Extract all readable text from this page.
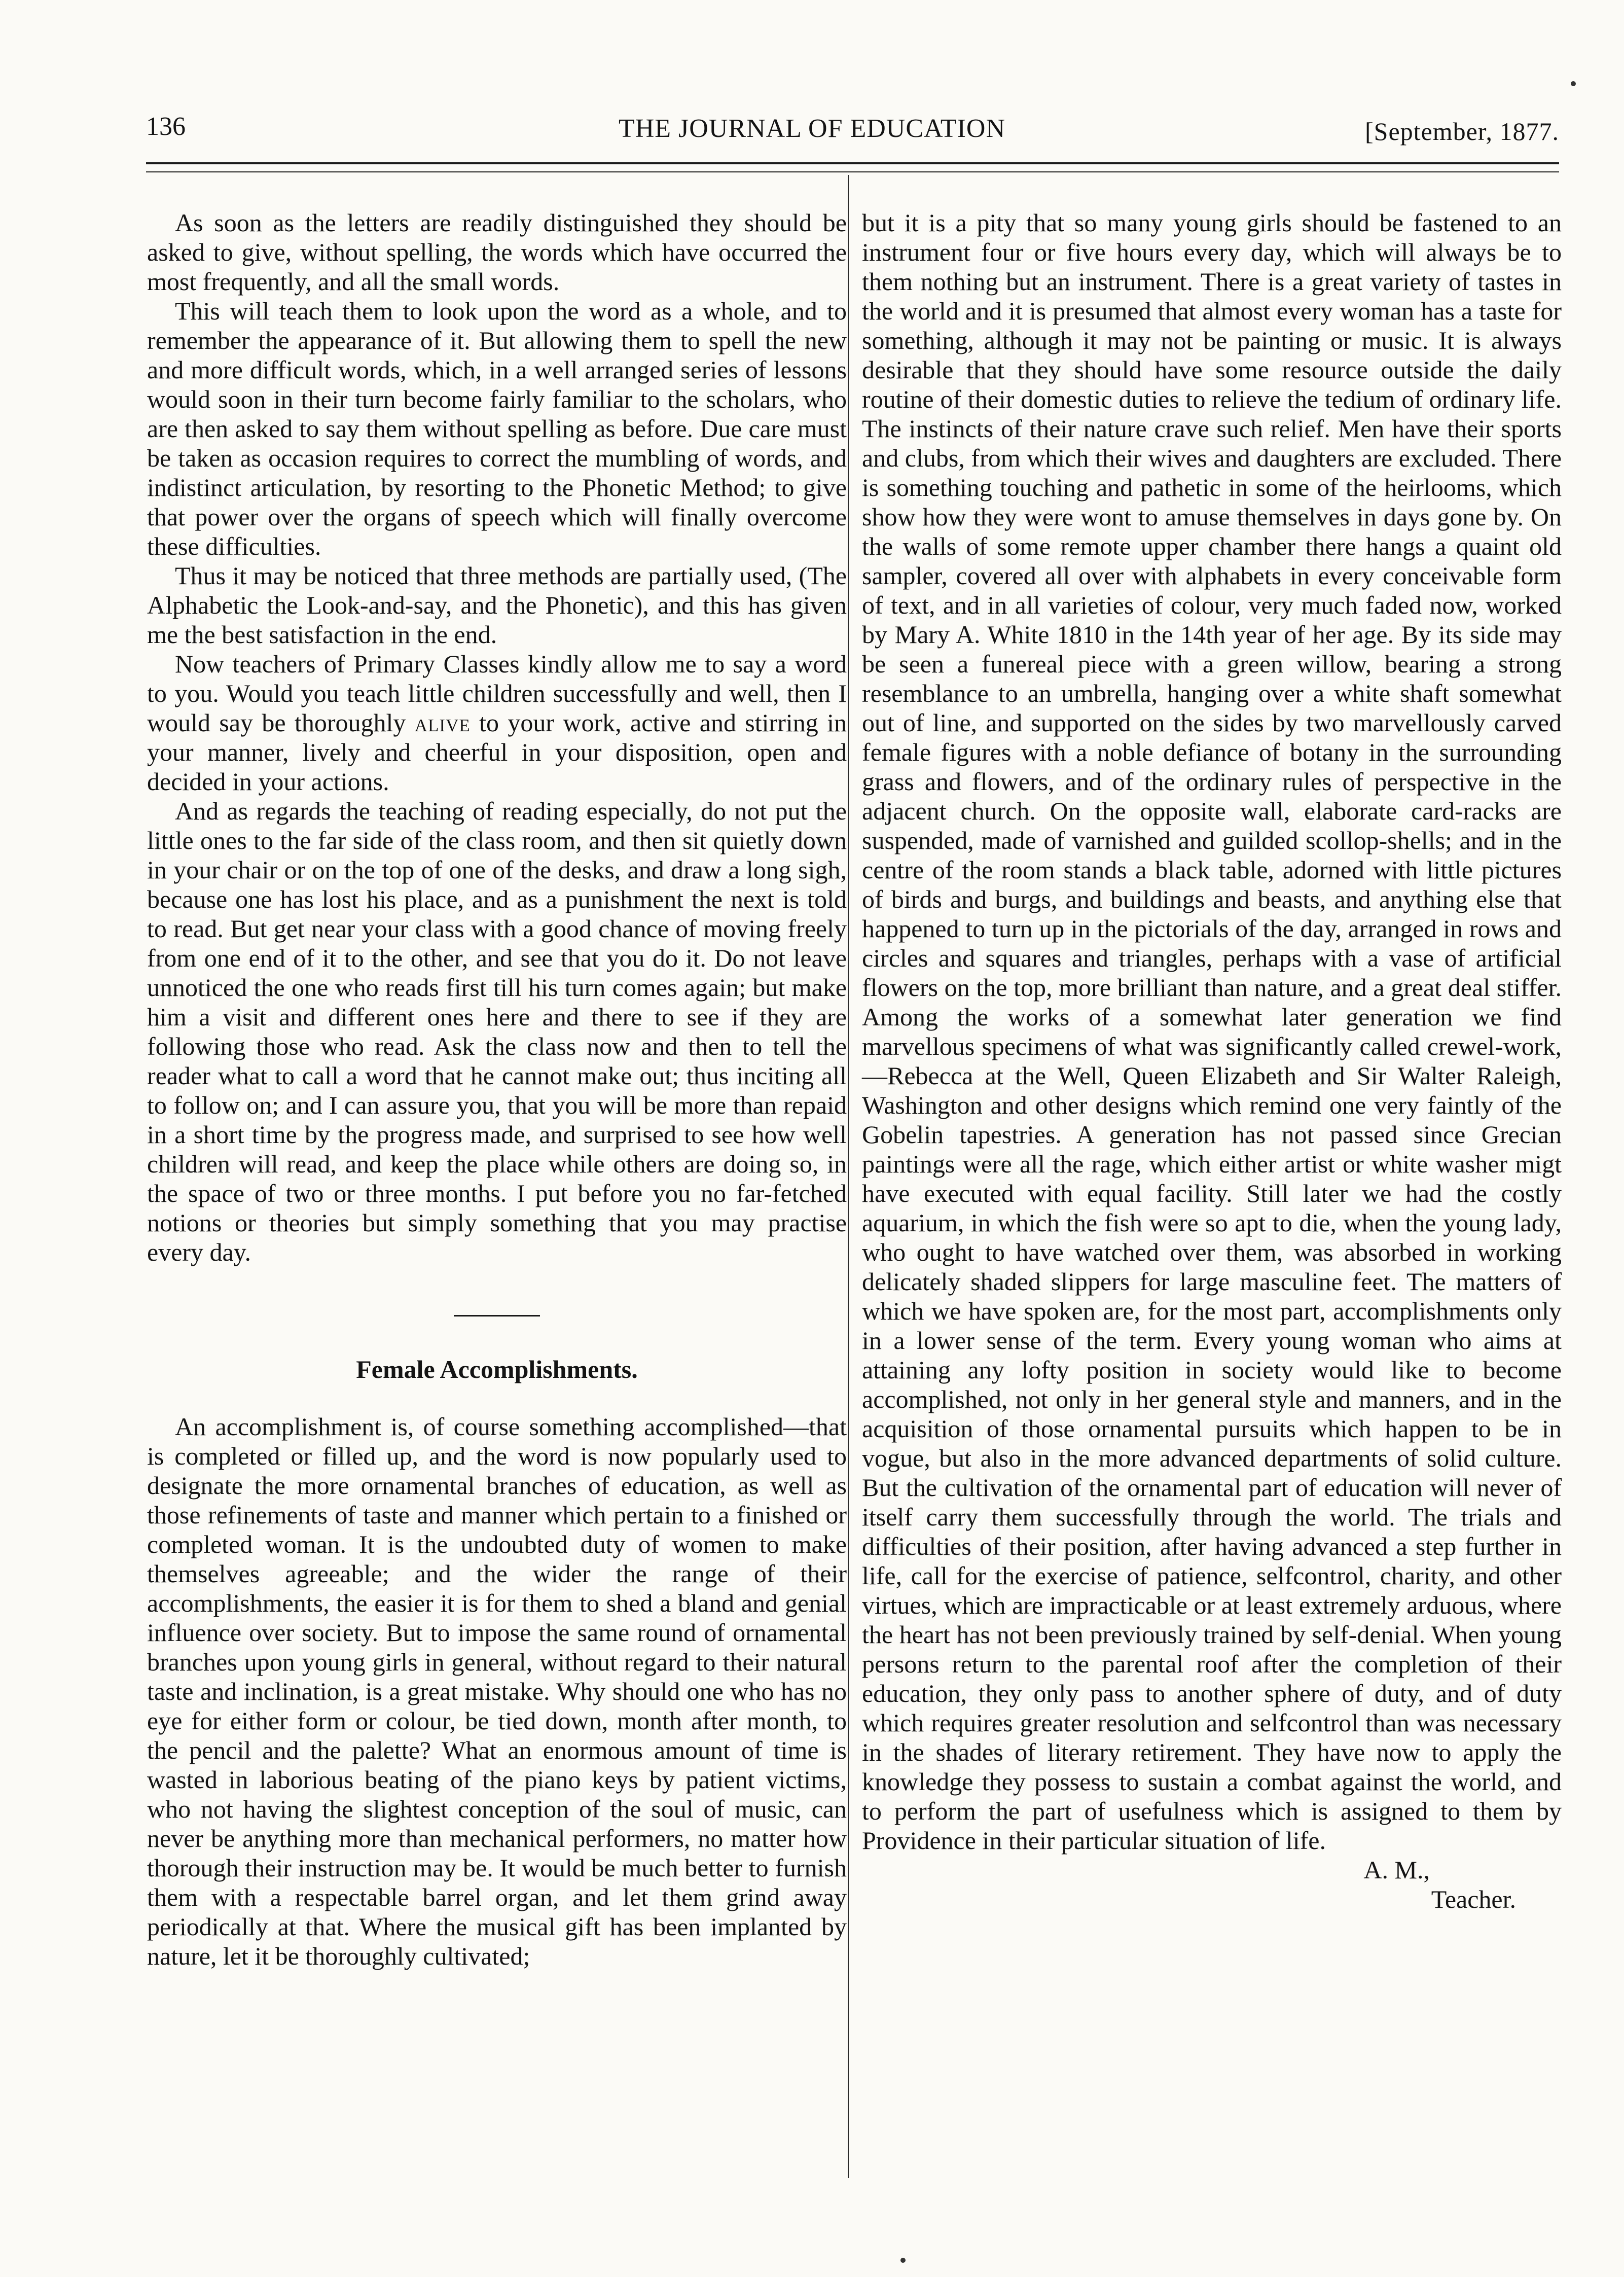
136	THE JOURNAL OF EDUCATION	[September, 1877.

As soon as the letters are readily distinguished they should be asked to give, without spelling, the words which have occurred the most frequently, and all the small words.

This will teach them to look upon the word as a whole, and to remember the appearance of it. But allowing them to spell the new and more difficult words, which, in a well arranged series of lessons would soon in their turn become fairly familiar to the scholars, who are then asked to say them without spelling as before. Due care must be taken as occasion requires to correct the mumbling of words, and indistinct articulation, by resorting to the Phonetic Method; to give that power over the organs of speech which will finally overcome these difficulties.

Thus it may be noticed that three methods are partially used, (The Alphabetic the Look-and-say, and the Phonetic), and this has given me the best satisfaction in the end.

Now teachers of Primary Classes kindly allow me to say a word to you. Would you teach little children successfully and well, then I would say be thoroughly alive to your work, active and stirring in your manner, lively and cheerful in your disposition, open and decided in your actions.

And as regards the teaching of reading especially, do not put the little ones to the far side of the class room, and then sit quietly down in your chair or on the top of one of the desks, and draw a long sigh, because one has lost his place, and as a punishment the next is told to read. But get near your class with a good chance of moving freely from one end of it to the other, and see that you do it. Do not leave unnoticed the one who reads first till his turn comes again; but make him a visit and different ones here and there to see if they are following those who read. Ask the class now and then to tell the reader what to call a word that he cannot make out; thus inciting all to follow on; and I can assure you, that you will be more than repaid in a short time by the progress made, and surprised to see how well children will read, and keep the place while others are doing so, in the space of two or three months. I put before you no far-fetched notions or theories but simply something that you may practise every day.

Female Accomplishments.

An accomplishment is, of course something accomplished—that is completed or filled up, and the word is now popularly used to designate the more ornamental branches of education, as well as those refinements of taste and manner which pertain to a finished or completed woman. It is the undoubted duty of women to make themselves agreeable; and the wider the range of their accomplishments, the easier it is for them to shed a bland and genial influence over society. But to impose the same round of ornamental branches upon young girls in general, without regard to their natural taste and inclination, is a great mistake. Why should one who has no eye for either form or colour, be tied down, month after month, to the pencil and the palette? What an enormous amount of time is wasted in laborious beating of the piano keys by patient victims, who not having the slightest conception of the soul of music, can never be anything more than mechanical performers, no matter how thorough their instruction may be. It would be much better to furnish them with a respectable barrel organ, and let them grind away periodically at that. Where the musical gift has been implanted by nature, let it be thoroughly cultivated;

but it is a pity that so many young girls should be fastened to an instrument four or five hours every day, which will always be to them nothing but an instrument. There is a great variety of tastes in the world and it is presumed that almost every woman has a taste for something, although it may not be painting or music. It is always desirable that they should have some resource outside the daily routine of their domestic duties to relieve the tedium of ordinary life. The instincts of their nature crave such relief. Men have their sports and clubs, from which their wives and daughters are excluded. There is something touching and pathetic in some of the heirlooms, which show how they were wont to amuse themselves in days gone by. On the walls of some remote upper chamber there hangs a quaint old sampler, covered all over with alphabets in every conceivable form of text, and in all varieties of colour, very much faded now, worked by Mary A. White 1810 in the 14th year of her age. By its side may be seen a funereal piece with a green willow, bearing a strong resemblance to an umbrella, hanging over a white shaft somewhat out of line, and supported on the sides by two marvellously carved female figures with a noble defiance of botany in the surrounding grass and flowers, and of the ordinary rules of perspective in the adjacent church. On the opposite wall, elaborate card-racks are suspended, made of varnished and guilded scollop-shells; and in the centre of the room stands a black table, adorned with little pictures of birds and burgs, and buildings and beasts, and anything else that happened to turn up in the pictorials of the day, arranged in rows and circles and squares and triangles, perhaps with a vase of artificial flowers on the top, more brilliant than nature, and a great deal stiffer. Among the works of a somewhat later generation we find marvellous specimens of what was significantly called crewel-work,—Rebecca at the Well, Queen Elizabeth and Sir Walter Raleigh, Washington and other designs which remind one very faintly of the Gobelin tapestries. A generation has not passed since Grecian paintings were all the rage, which either artist or white washer migt have executed with equal facility. Still later we had the costly aquarium, in which the fish were so apt to die, when the young lady, who ought to have watched over them, was absorbed in working delicately shaded slippers for large masculine feet. The matters of which we have spoken are, for the most part, accomplishments only in a lower sense of the term. Every young woman who aims at attaining any lofty position in society would like to become accomplished, not only in her general style and manners, and in the acquisition of those ornamental pursuits which happen to be in vogue, but also in the more advanced departments of solid culture. But the cultivation of the ornamental part of education will never of itself carry them successfully through the world. The trials and difficulties of their position, after having advanced a step further in life, call for the exercise of patience, selfcontrol, charity, and other virtues, which are impracticable or at least extremely arduous, where the heart has not been previously trained by self-denial. When young persons return to the parental roof after the completion of their education, they only pass to another sphere of duty, and of duty which requires greater resolution and selfcontrol than was necessary in the shades of literary retirement. They have now to apply the knowledge they possess to sustain a combat against the world, and to perform the part of usefulness which is assigned to them by Providence in their particular situation of life.

A. M.,

Teacher.
